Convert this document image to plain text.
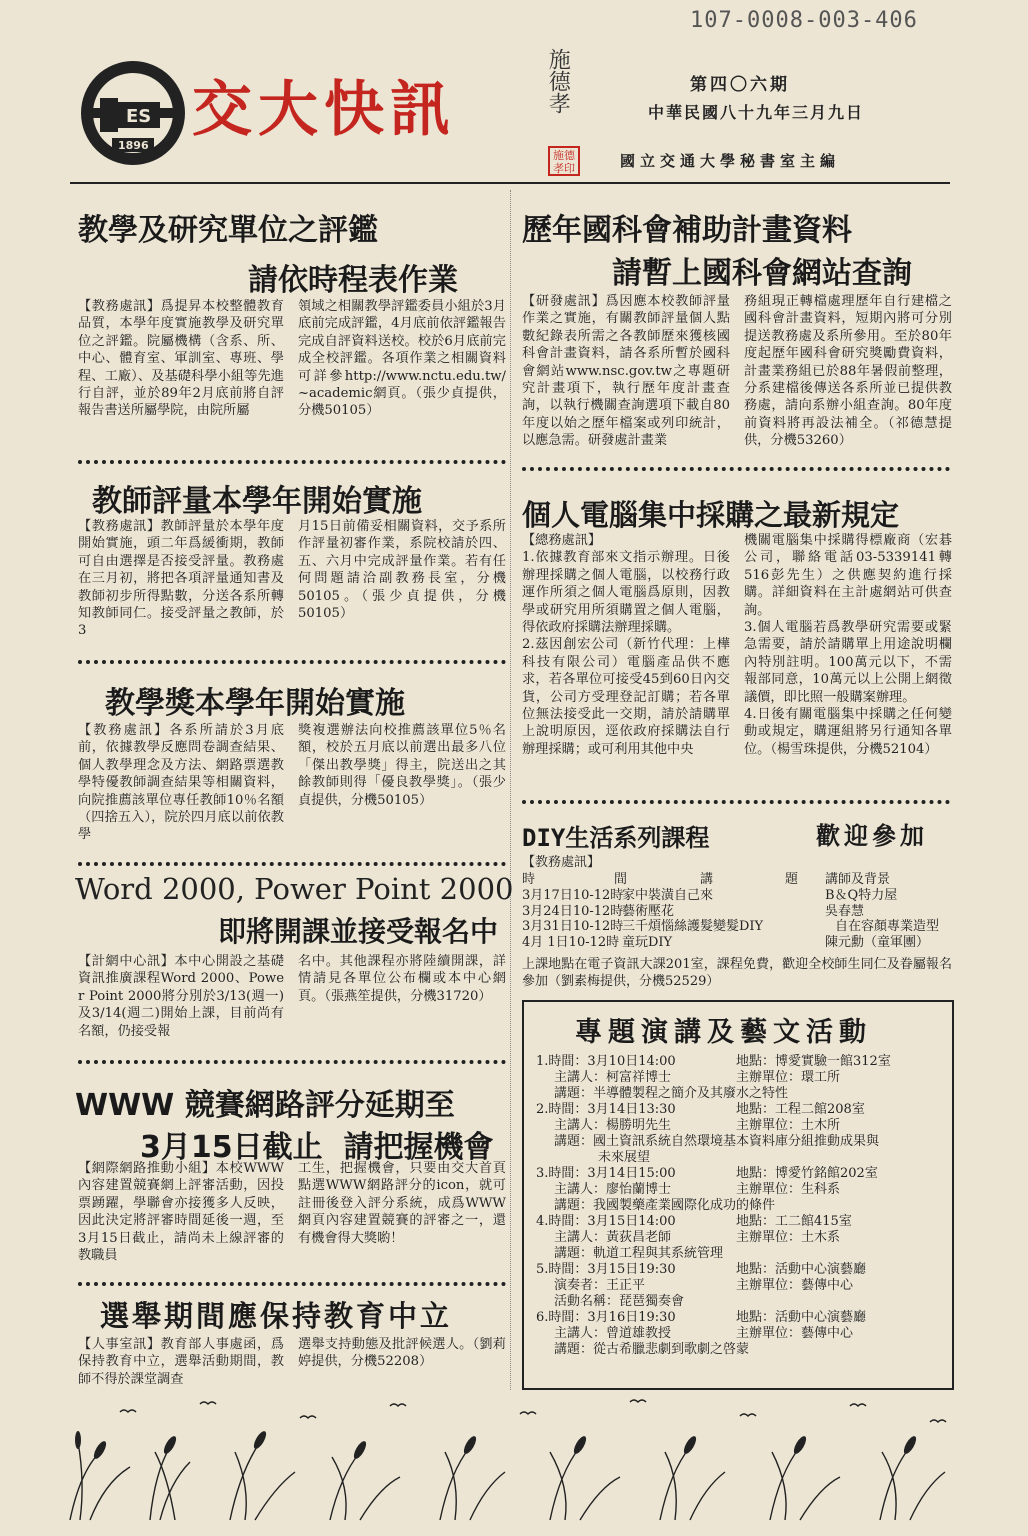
107-0008-003-406
ES
1896
交大快訊	施德孝
施德孝印
第四〇六期
中華民國八十九年三月九日
國立交通大學秘書室主編
教學及研究單位之評鑑
請依時程表作業
【教務處訊】爲提昇本校整體教育品質，本學年度實施教學及研究單位之評鑑。院屬機構（含系、所、中心、體育室、軍訓室、專班、學程、工廠）、及基礎科學小組等先進行自評，並於89年2月底前將自評報告書送所屬學院，由院所屬
領域之相關教學評鑑委員小組於3月底前完成評鑑，4月底前依評鑑報告完成自評資料送校。校於6月底前完成全校評鑑。各項作業之相關資料可詳參http://www.nctu.edu.tw/~academic網頁。（張少貞提供，分機50105）
歷年國科會補助計畫資料
請暫上國科會網站查詢
【研發處訊】爲因應本校教師評量作業之實施，有關教師評量個人點數紀錄表所需之各教師歷來獲核國科會計畫資料，請各系所暫於國科會網站www.nsc.gov.tw之專題研究計畫項下，執行歷年度計畫查詢，以執行機關查詢選項下載自80年度以始之歷年檔案或列印統計，以應急需。研發處計畫業
務組現正轉檔處理歷年自行建檔之國科會計畫資料，短期內將可分別提送教務處及系所參用。至於80年度起歷年國科會研究獎勵費資料，計畫業務組已於88年暑假前整理，分系建檔後傳送各系所並已提供教務處，請向系辦小組查詢。80年度前資料將再設法補全。（祁德慧提供，分機53260）
教師評量本學年開始實施
【教務處訊】教師評量於本學年度開始實施，頭二年爲緩衝期，教師可自由選擇是否接受評量。教務處在三月初，將把各項評量通知書及教師初步所得點數，分送各系所轉知教師同仁。接受評量之教師，於3
月15日前備妥相關資料，交予系所作評量初審作業，系院校請於四、五、六月中完成評量作業。若有任何問題請洽副教務長室，分機50105。（張少貞提供，分機50105）
個人電腦集中採購之最新規定
【總務處訊】
1.依據教育部來文指示辦理。日後辦理採購之個人電腦，以校務行政運作所須之個人電腦爲原則，因教學或研究用所須購置之個人電腦，得依政府採購法辦理採購。
2.茲因創宏公司（新竹代理：上樺科技有限公司）電腦產品供不應求，若各單位可接受45到60日內交貨，公司方受理登記訂購；若各單位無法接受此一交期，請於請購單上說明原因，逕依政府採購法自行辦理採購；或可利用其他中央
機關電腦集中採購得標廠商（宏碁公司，聯絡電話03-5339141轉516彭先生）之供應契約進行採購。詳細資料在主計處網站可供查詢。
3.個人電腦若爲教學研究需要或緊急需要，請於請購單上用途說明欄內特別註明。100萬元以下，不需報部同意，10萬元以上公開上網徵議價，即比照一般購案辦理。
4.日後有關電腦集中採購之任何變動或規定，購運組將另行通知各單位。（楊雪珠提供，分機52104）
教學獎本學年開始實施
【教務處訊】各系所請於3月底前，依據教學反應問卷調查結果、個人教學理念及方法、網路票選教學特優教師調查結果等相關資料，向院推薦該單位專任教師10％名額（四捨五入），院於四月底以前依教學
獎複選辦法向校推薦該單位5％名額，校於五月底以前選出最多八位「傑出教學獎」得主，院送出之其餘教師則得「優良教學獎」。（張少貞提供，分機50105）
Word 2000, Power Point 2000
即將開課並接受報名中
【計網中心訊】本中心開設之基礎資訊推廣課程Word 2000、Power Point 2000將分別於3/13(週一)及3/14(週二)開始上課，目前尚有名額，仍接受報
名中。其他課程亦將陸續開課，詳情請見各單位公布欄或本中心網頁。（張燕笙提供，分機31720）
WWW 競賽網路評分延期至
3月15日截止  請把握機會
【網際網路推動小組】本校WWW內容建置競賽網上評審活動，因投票踴躍，學聯會亦接獲多人反映，因此決定將評審時間延後一週，至3月15日截止，請尚未上線評審的教職員
工生，把握機會，只要由交大首頁點選WWW網路評分的icon，就可註冊後登入評分系統，成爲WWW網頁內容建置競賽的評審之一，還有機會得大獎喲！
選舉期間應保持教育中立
【人事室訊】教育部人事處函，爲保持教育中立，選舉活動期間，教師不得於課堂調查
選舉支持動態及批評候選人。（劉莉婷提供，分機52208）
DIY生活系列課程	歡迎參加
【教務處訊】
時	間	講	題 講師及背景
3月17日10-12時家中裝潢自己來	B＆Q特力屋
3月24日10-12時藝術壓花	吳春慧
3月31日10-12時三千煩惱絲護髮變髮DIY	自在容顏專業造型
4月 1日10-12時 童玩DIY	陳元勳（童軍團）
上課地點在電子資訊大課201室，課程免費，歡迎全校師生同仁及眷屬報名參加（劉素梅提供，分機52529）
專題演講及藝文活動
1.時間：3月10日14:00	地點：博愛實驗一館312室
主講人：柯富祥博士	主辦單位：環工所
講題：半導體製程之簡介及其廢水之特性
2.時間：3月14日13:30	地點：工程二館208室
主講人：楊勝明先生	主辦單位：土木所
講題：國土資訊系統自然環境基本資料庫分組推動成果與
未來展望
3.時間：3月14日15:00	地點：博愛竹銘館202室
主講人：廖怡蘭博士	主辦單位：生科系
講題：我國製藥產業國際化成功的條件
4.時間：3月15日14:00	地點：工二館415室
主講人：黃荻昌老師	主辦單位：土木系
講題：軌道工程與其系統管理
5.時間：3月15日19:30	地點：活動中心演藝廳
演奏者：王正平	主辦單位：藝傳中心
活動名稱：琵琶獨奏會
6.時間：3月16日19:30	地點：活動中心演藝廳
主講人：曾道雄教授	主辦單位：藝傳中心
講題：從古希臘悲劇到歌劇之啓蒙
